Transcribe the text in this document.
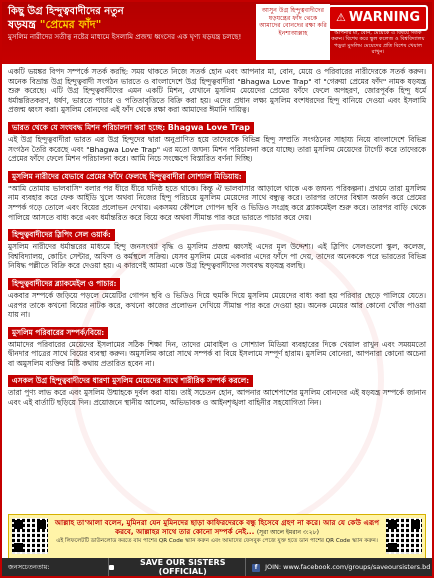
কিছু উগ্র হিন্দুত্ববাদীদের নতুন
ষড়যন্ত্র "প্রেমের ফাঁদ"
মুসলিম নারীদের সতীত্ব নষ্টের মাধ্যমে ইসলামি প্রজন্ম ধ্বংসের এক ঘৃণ্য ষড়যন্ত্র চলছে!
আসুন উগ্র হিন্দুত্ববাদীদের ষড়যন্ত্রের ফাঁদ থেকে আমাদের বোনদের রক্ষা করি ইনশাআল্লাহ
⚠ WARNING
আপনার মা, বোন, মেয়েকে এ বিষয়ে সতর্ক করুন। বিশেষ করে স্কুল কলেজ ও বিশ্ববিদ্যালয় পড়ুয়া মুসলিম মেয়েদের প্রতি বিশেষ খেয়াল রাখুন।

একটি ভয়ঙ্কর বিপদ সম্পর্কে সতর্ক করছি: সময় থাকতে নিজে সতর্ক হোন এবং আপনার মা, বোন, মেয়ে ও পরিবারের নারীদেরকে সতর্ক করুন। অনেক বিভ্রান্ত উগ্র হিন্দুত্ববাদী সংগঠন ভারতে ও বাংলাদেশে উগ্র হিন্দুত্ববাদীরা "Bhagwa Love Trap" বা "গেরুয়া প্রেমের ফাঁদ" নামক ষড়যন্ত্র শুরু করেছে। এটি উগ্র হিন্দুত্ববাদীদের এমন একটি মিশন, যেখানে মুসলিম মেয়েদের প্রেমের ফাঁদে ফেলে অপহরণ, জোরপূর্বক হিন্দু ধর্মে ধর্মান্তরিতকরণ, ধর্ষণ, ভারতে পাচার ও পতিতাবৃত্তিতে বিক্রি করা হয়। এদের প্রধান লক্ষ্য মুসলিম বংশধরদের হিন্দু বানিয়ে দেওয়া এবং ইসলামি প্রজন্ম ধ্বংস করা। মুসলিম বোনদের এই ফাঁদ থেকে রক্ষা করা আমাদের ঈমানি দায়িত্ব।

ভারত থেকে যে সংঘবদ্ধ মিশন পরিচালনা করা হচ্ছে: Bhagwa Love Trap

এই উগ্র হিন্দুত্ববাদীরা ভারত এর উগ্র হিন্দুদের দ্বারা অনুপ্রাণিত হয়ে তাদেরকে বিভিন্ন হিন্দু সম্প্রতি সংগঠনের সাহায্য নিয়ে বাংলাদেশে বিভিন্ন সংগঠন তৈরি করেছে এবং "Bhagwa Love Trap" এর মতো জঘন্য মিশন পরিচালনা করে যাচ্ছে। তারা মুসলিম মেয়েদের টার্গেট করে তাদেরকে প্রেমের ফাঁদে ফেলে মিশন পরিচালনা করে। আমি নিচে সংক্ষেপে বিস্তারিত বর্ণনা দিচ্ছি।

মুসলিম নারীদের যেভাবে প্রেমের ফাঁদে ফেলছে হিন্দুত্ববাদীরা সোশ্যাল মিডিয়ায়:

"আমি তোমায় ভালবাসি" বলার পর ধীরে ধীরে ঘনিষ্ঠ হতে থাকে। কিন্তু ঐ ভালবাসার আড়ালে থাকে এক জঘন্য পরিকল্পনা। প্রথমে তারা মুসলিম নাম ব্যবহার করে ফেক আইডি খুলে অথবা নিজের হিন্দু পরিচয়ে মুসলিম মেয়েদের সাথে বন্ধুত্ব করে। তারপর তাদের বিশ্বাস অর্জন করে প্রেমের সম্পর্ক গড়ে তোলে এবং বিয়ের প্রলোভন দেখায়। একসময় কৌশলে গোপন ছবি ও ভিডিও সংগ্রহ করে ব্ল্যাকমেইল শুরু করে। তারপর বাড়ি থেকে পালিয়ে আসতে বাধ্য করে এবং ধর্মান্তরিত করে বিয়ে করে অথবা সীমান্ত পার করে ভারতে পাচার করে দেয়।

হিন্দুত্ববাদীদের স্লিপিং সেল ওয়ার্ক:

মুসলিম নারীদের ধর্মান্তরের মাধ্যমে হিন্দু জনসংখ্যা বৃদ্ধি ও মুসলিম প্রজন্ম ধ্বংসই এদের মূল উদ্দেশ্য। এই স্লিপিং সেলগুলো স্কুল, কলেজ, বিশ্ববিদ্যালয়, কোচিং সেন্টার, অফিস ও কর্মস্থলে সক্রিয়। যেসব মুসলিম মেয়ে একবার এদের ফাঁদে পা দেয়, তাদের অনেককে পরে ভারতের বিভিন্ন নিষিদ্ধ পল্লীতে বিক্রি করে দেওয়া হয়। এ কারণেই আমরা একে উগ্র হিন্দুত্ববাদীদের সংঘবদ্ধ ষড়যন্ত্র বলছি।

হিন্দুত্ববাদীদের ব্ল্যাকমেইল ও পাচার:

একবার সম্পর্কে জড়িয়ে পড়লে মেয়েটির গোপন ছবি ও ভিডিও দিয়ে হুমকি দিয়ে মুসলিম মেয়েদের বাধ্য করা হয় পরিবার ছেড়ে পালিয়ে যেতে। এরপর তাকে কখনো বিয়ের নাটক করে, কখনো কাজের প্রলোভন দেখিয়ে সীমান্ত পার করে দেওয়া হয়। অনেক মেয়ের আর কোনো খোঁজ পাওয়া যায় না।

মুসলিম পরিবারের সম্পর্ক/বিয়ে:

আমাদের পরিবারের মেয়েদের ইসলামের সঠিক শিক্ষা দিন, তাদের মোবাইল ও সোশ্যাল মিডিয়া ব্যবহারের দিকে খেয়াল রাখুন এবং সময়মতো দ্বীনদার পাত্রের সাথে বিয়ের ব্যবস্থা করুন। অমুসলিম কারো সাথে সম্পর্ক বা বিয়ে ইসলামে সম্পূর্ণ হারাম। মুসলিম বোনেরা, আপনারা কোনো অচেনা বা অমুসলিম ব্যক্তির মিষ্টি কথায় প্রতারিত হবেন না।

এসকল উগ্র হিন্দুত্ববাদীদের ধারণা মুসলিম মেয়েদের সাথে শারীরিক সম্পর্ক করলে:

তারা পুণ্য লাভ করে এবং মুসলিম উম্মাহকে দুর্বল করা যায়। তাই সচেতন হোন, আপনার আশেপাশের মুসলিম বোনদের এই ষড়যন্ত্র সম্পর্কে জানান এবং এই বার্তাটি ছড়িয়ে দিন। প্রয়োজনে স্থানীয় আলেম, অভিভাবক ও আইনশৃঙ্খলা বাহিনীর সহযোগিতা নিন।

আল্লাহ তা'আলা বলেন, মুমিনরা যেন মুমিনদের ছাড়া কাফিরদেরকে বন্ধু হিসেবে গ্রহণ না করে। আর যে কেউ এরূপ করবে, আল্লাহর সাথে তার কোনো সম্পর্ক নেই... (সূরা আলে ইমরান ৩:২৮)
এই লিফলেটটি ডাউনলোড করতে বাম পাশের QR Code স্ক্যান করুন এবং আমাদের ফেসবুক পেজে যুক্ত হতে ডান পাশের QR Code স্ক্যান করুন।
জনসচেতনতায়:	SAVE OUR SISTERS (OFFICIAL)	f JOIN: www.facebook.com/groups/saveoursisters.bd
